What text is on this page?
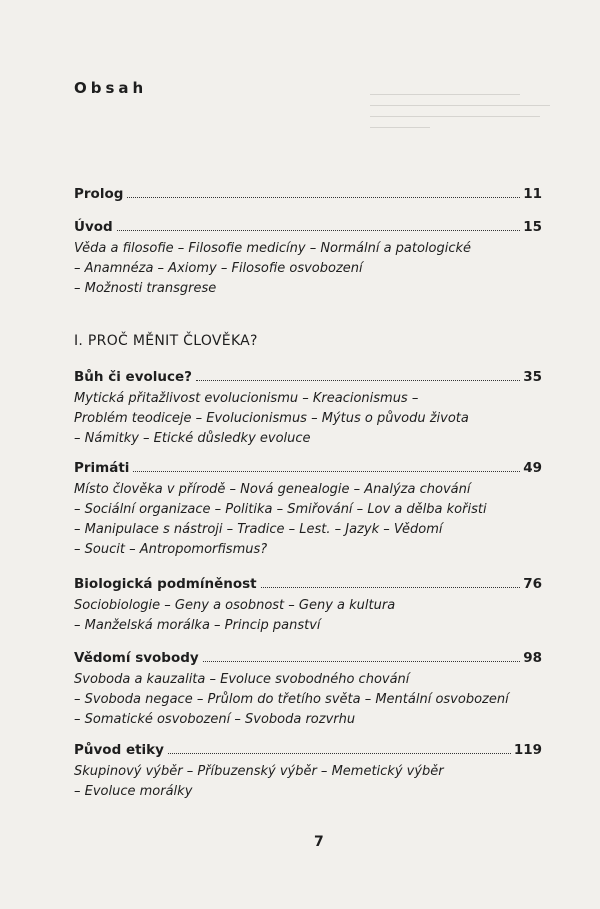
Obsah
I. PROČ MĚNIT ČLOVĚKA?
Prolog	11
Úvod	15
Věda a filosofie – Filosofie medicíny – Normální a patologické
– Anamnéza – Axiomy – Filosofie osvobození
– Možnosti transgrese
Bůh či evoluce?	35
Mytická přitažlivost evolucionismu – Kreacionismus –
Problém teodiceje – Evolucionismus – Mýtus o původu života
– Námitky – Etické důsledky evoluce
Primáti	49
Místo člověka v přírodě – Nová genealogie – Analýza chování
– Sociální organizace – Politika – Smiřování – Lov a dělba kořisti
– Manipulace s nástroji – Tradice – Lest. – Jazyk – Vědomí
– Soucit – Antropomorfismus?
Biologická podmíněnost	76
Sociobiologie – Geny a osobnost – Geny a kultura
– Manželská morálka – Princip panství
Vědomí svobody	98
Svoboda a kauzalita – Evoluce svobodného chování
– Svoboda negace – Průlom do třetího světa – Mentální osvobození
– Somatické osvobození – Svoboda rozvrhu
Původ etiky	119
Skupinový výběr – Příbuzenský výběr – Memetický výběr
– Evoluce morálky
7
